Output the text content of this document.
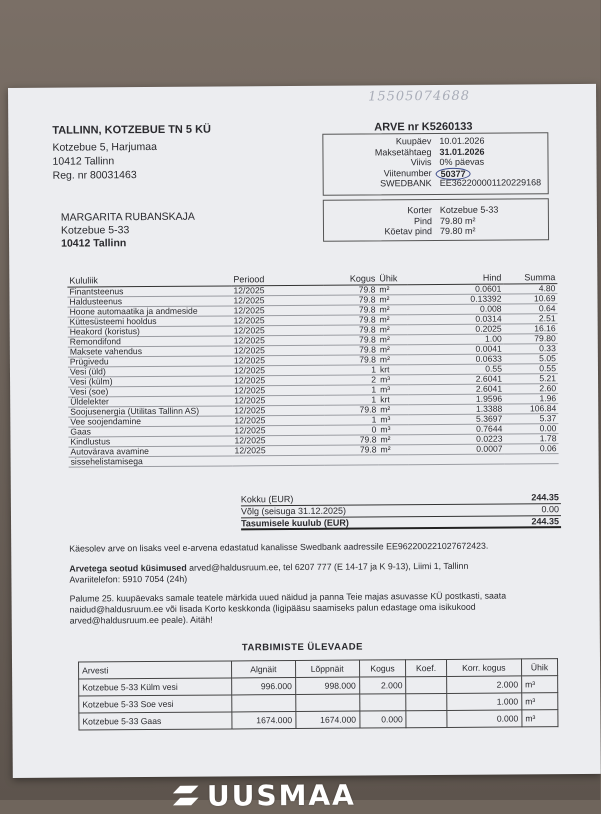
15505074688
TALLINN, KOTZEBUE TN 5 KÜ
Kotzebue 5, Harjumaa
10412 Tallinn
Reg. nr 80031463
ARVE nr K5260133
Kuupäev 10.01.2026
Maksetähtaeg 31.01.2026
Viivis 0% päevas
Viitenumber 50377
SWEDBANK EE362200001120229168
MARGARITA RUBANSKAJA
Kotzebue 5-33
10412 Tallinn
Korter Kotzebue 5-33
Pind 79.80 m²
Köetav pind 79.80 m²
Kululiik	Periood	Kogus	Ühik	Hind	Summa
Finantsteenus	12/2025	79.8	m²	0.0601	4.80
Haldusteenus	12/2025	79.8	m²	0.13392	10.69
Hoone automaatika ja andmeside	12/2025	79.8	m²	0.008	0.64
Küttesüsteemi hooldus	12/2025	79.8	m²	0.0314	2.51
Heakord (koristus)	12/2025	79.8	m²	0.2025	16.16
Remondifond	12/2025	79.8	m²	1.00	79.80
Maksete vahendus	12/2025	79.8	m²	0.0041	0.33
Prügivedu	12/2025	79.8	m²	0.0633	5.05
Vesi (üld)	12/2025	1	krt	0.55	0.55
Vesi (külm)	12/2025	2	m³	2.6041	5.21
Vesi (soe)	12/2025	1	m³	2.6041	2.60
Üldelekter	12/2025	1	krt	1.9596	1.96
Soojusenergia (Utilitas Tallinn AS)	12/2025	79.8	m²	1.3388	106.84
Vee soojendamine	12/2025	1	m³	5.3697	5.37
Gaas	12/2025	0	m³	0.7644	0.00
Kindlustus	12/2025	79.8	m²	0.0223	1.78
Autovärava avamine	12/2025	79.8	m²	0.0007	0.06
sissehelistamisega					
Kokku (EUR)	244.35
Võlg (seisuga 31.12.2025)	0.00
Tasumisele kuulub (EUR)	244.35
Käesolev arve on lisaks veel e-arvena edastatud kanalisse Swedbank aadressile EE962200221027672423.
Arvetega seotud küsimused arved@haldusruum.ee, tel 6207 777 (E 14-17 ja K 9-13), Liimi 1, Tallinn
Avariitelefon: 5910 7054 (24h)
Palume 25. kuupäevaks samale teatele märkida uued näidud ja panna Teie majas asuvasse KÜ postkasti, saata naidud@haldusruum.ee või lisada Korto keskkonda (ligipääsu saamiseks palun edastage oma isikukood arved@haldusruum.ee peale). Aitäh!
TARBIMISTE ÜLEVAADE
Arvesti	Algnäit	Lõppnäit	Kogus	Koef.	Korr. kogus	Ühik
Kotzebue 5-33 Külm vesi	996.000	998.000	2.000		2.000	m³
Kotzebue 5-33 Soe vesi					1.000	m³
Kotzebue 5-33 Gaas	1674.000	1674.000	0.000		0.000	m³
UUSMAA
